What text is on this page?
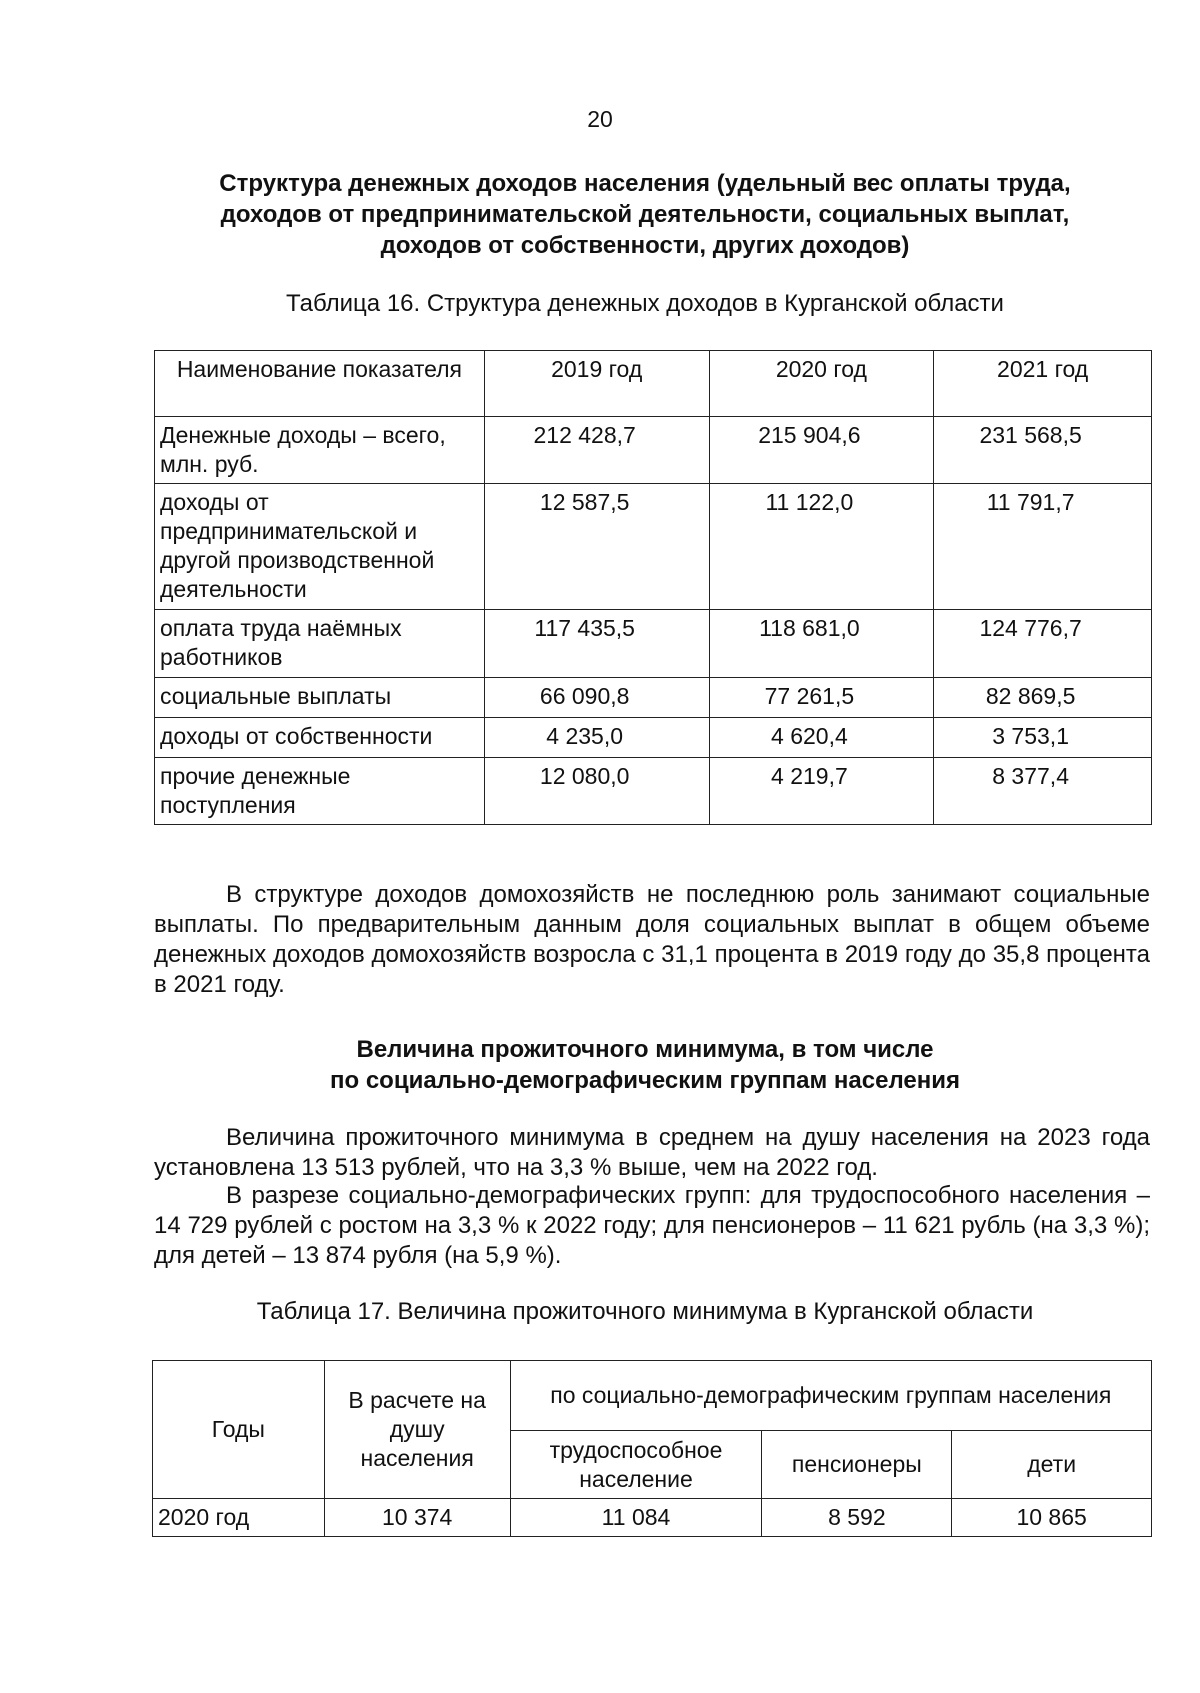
20
Структура денежных доходов населения (удельный вес оплаты труда,
доходов от предпринимательской деятельности, социальных выплат,
доходов от собственности, других доходов)
Таблица 16. Структура денежных доходов в Курганской области
Наименование показателя	2019 год	2020 год	2021 год
Денежные доходы – всего, млн. руб.	212 428,7	215 904,6	231 568,5
доходы от предпринимательской и другой производственной деятельности	12 587,5	11 122,0	11 791,7
оплата труда наёмных работников	117 435,5	118 681,0	124 776,7
социальные выплаты	66 090,8	77 261,5	82 869,5
доходы от собственности	4 235,0	4 620,4	3 753,1
прочие денежные поступления	12 080,0	4 219,7	8 377,4
В структуре доходов домохозяйств не последнюю роль занимают социальные выплаты. По предварительным данным доля социальных выплат в общем объеме денежных доходов домохозяйств возросла с 31,1 процента в 2019 году до 35,8 процента в 2021 году.
Величина прожиточного минимума, в том числе
по социально-демографическим группам населения
Величина прожиточного минимума в среднем на душу населения на 2023 года установлена 13 513 рублей, что на 3,3 % выше, чем на 2022 год.
В разрезе социально-демографических групп: для трудоспособного населения – 14 729 рублей с ростом на 3,3 % к 2022 году; для пенсионеров – 11 621 рубль (на 3,3 %); для детей – 13 874 рубля (на 5,9 %).
Таблица 17. Величина прожиточного минимума в Курганской области
Годы	В расчете на душу населения	по социально-демографическим группам населения		
		трудоспособное население	пенсионеры	дети
2020 год	10 374	11 084	8 592	10 865
